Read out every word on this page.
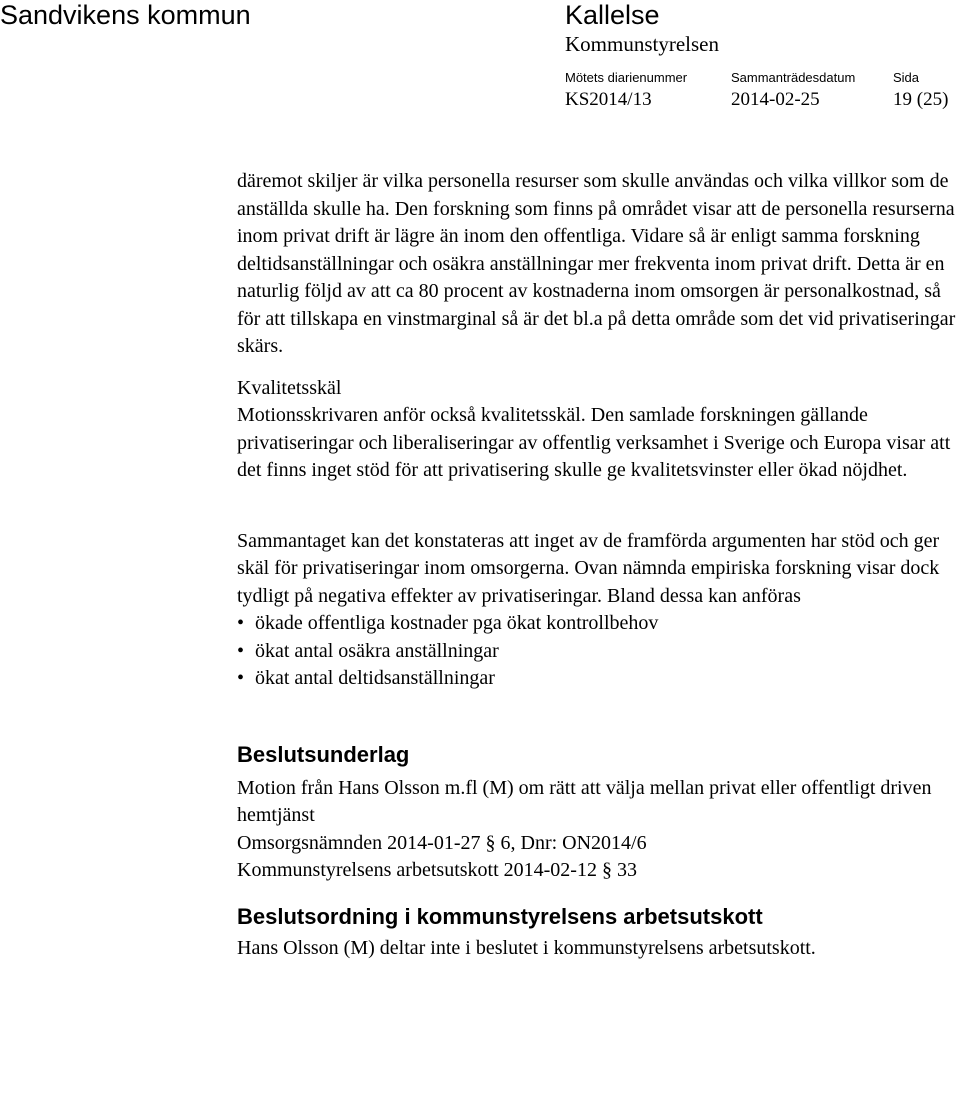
Sandvikens kommun	Kallelse
Kommunstyrelsen
Mötets diarienummer	Sammanträdesdatum	Sida
KS2014/13	2014-02-25	19 (25)

däremot skiljer är vilka personella resurser som skulle användas och vilka villkor som de anställda skulle ha. Den forskning som finns på området visar att de personella resurserna inom privat drift är lägre än inom den offentliga. Vidare så är enligt samma forskning deltidsanställningar och osäkra anställningar mer frekventa inom privat drift. Detta är en naturlig följd av att ca 80 procent av kostnaderna inom omsorgen är personalkostnad, så för att tillskapa en vinstmarginal så är det bl.a på detta område som det vid privatiseringar skärs.

Kvalitetsskäl

Motionsskrivaren anför också kvalitetsskäl. Den samlade forskningen gällande privatiseringar och liberaliseringar av offentlig verksamhet i Sverige och Europa visar att det finns inget stöd för att privatisering skulle ge kvalitetsvinster eller ökad nöjdhet.

Sammantaget kan det konstateras att inget av de framförda argumenten har stöd och ger skäl för privatiseringar inom omsorgerna. Ovan nämnda empiriska forskning visar dock tydligt på negativa effekter av privatiseringar. Bland dessa kan anföras

• ökade offentliga kostnader pga ökat kontrollbehov
• ökat antal osäkra anställningar
• ökat antal deltidsanställningar
Beslutsunderlag

Motion från Hans Olsson m.fl (M) om rätt att välja mellan privat eller offentligt driven hemtjänst

Omsorgsnämnden 2014-01-27 § 6, Dnr: ON2014/6

Kommunstyrelsens arbetsutskott 2014-02-12 § 33

Beslutsordning i kommunstyrelsens arbetsutskott

Hans Olsson (M) deltar inte i beslutet i kommunstyrelsens arbetsutskott.
